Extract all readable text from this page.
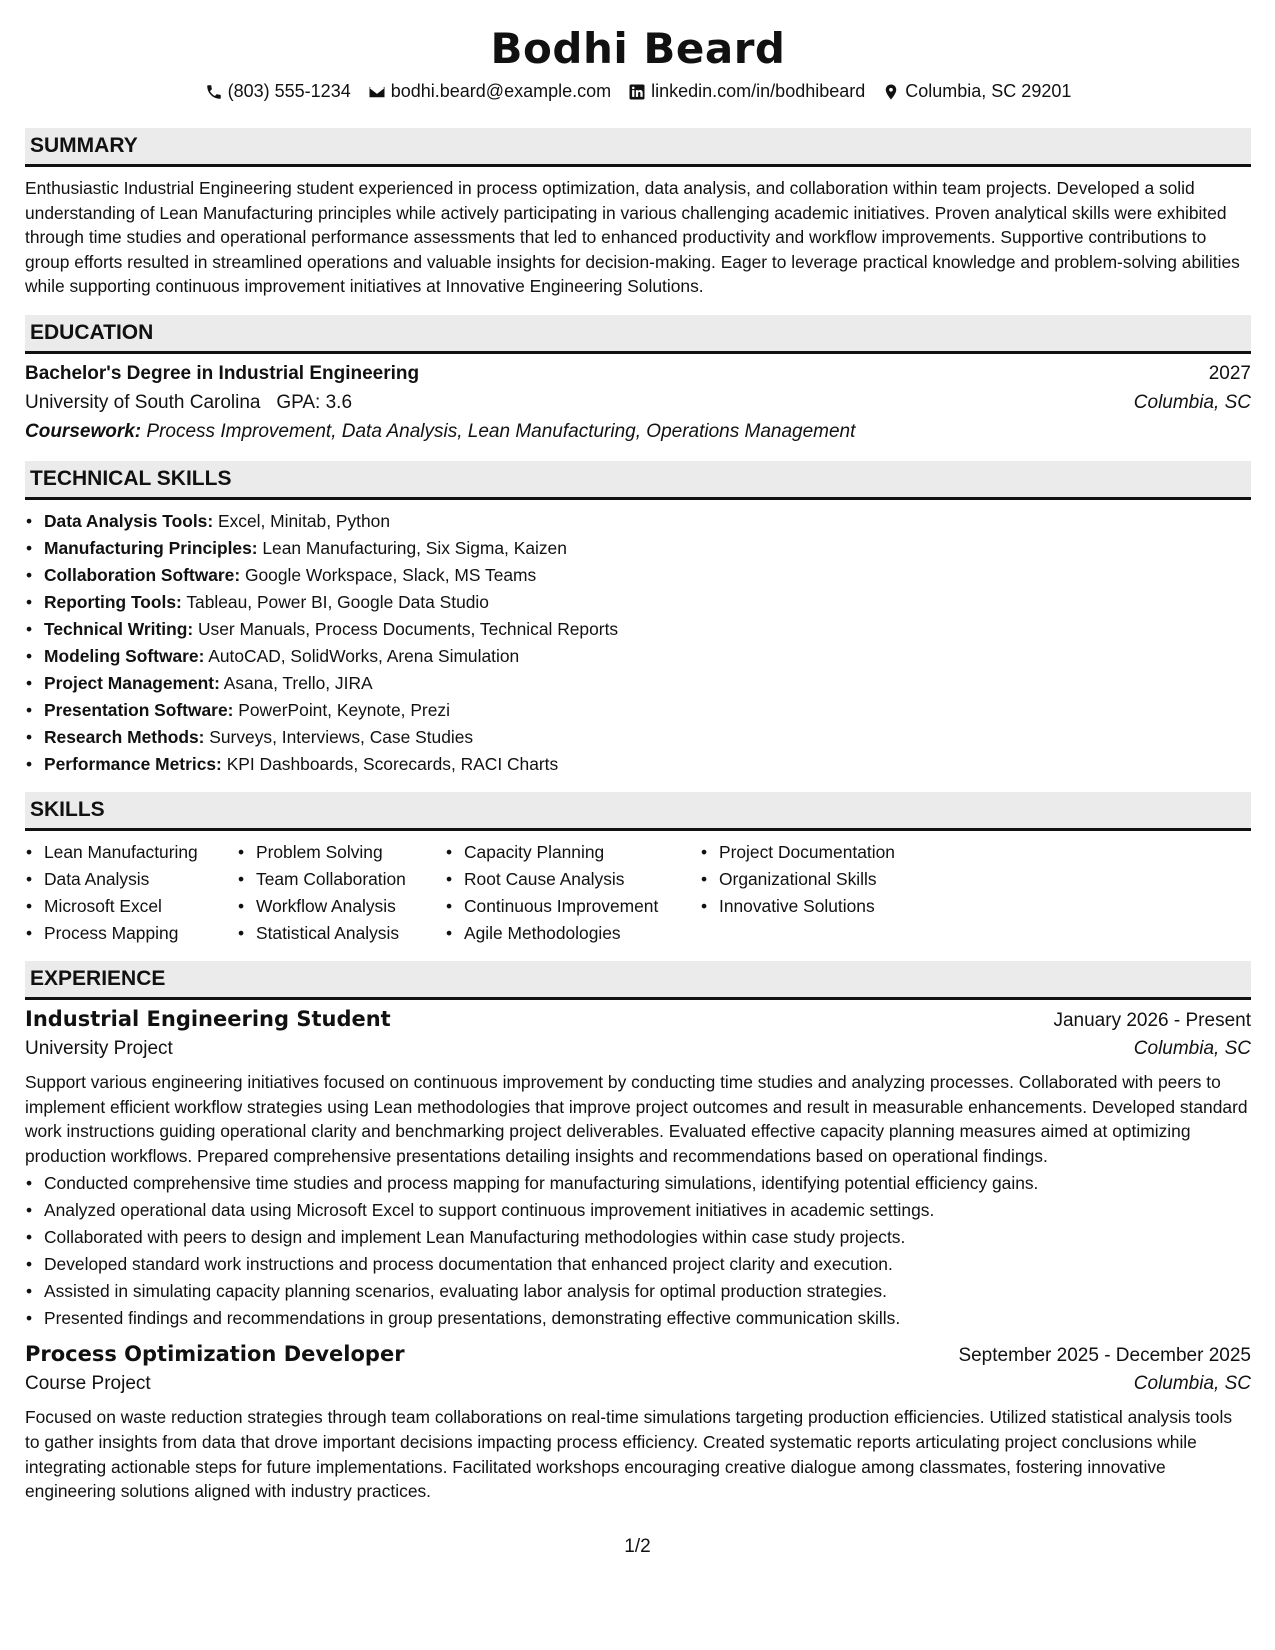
Bodhi Beard
(803) 555-1234 bodhi.beard@example.com linkedin.com/in/bodhibeard Columbia, SC 29201
SUMMARY

Enthusiastic Industrial Engineering student experienced in process optimization, data analysis, and collaboration within team projects. Developed a solid understanding of Lean Manufacturing principles while actively participating in various challenging academic initiatives. Proven analytical skills were exhibited through time studies and operational performance assessments that led to enhanced productivity and workflow improvements. Supportive contributions to group efforts resulted in streamlined operations and valuable insights for decision-making. Eager to leverage practical knowledge and problem-solving abilities while supporting continuous improvement initiatives at Innovative Engineering Solutions.

EDUCATION
Bachelor's Degree in Industrial Engineering	2027
University of South Carolina GPA: 3.6	Columbia, SC
Coursework: Process Improvement, Data Analysis, Lean Manufacturing, Operations Management
TECHNICAL SKILLS
• Data Analysis Tools: Excel, Minitab, Python
• Manufacturing Principles: Lean Manufacturing, Six Sigma, Kaizen
• Collaboration Software: Google Workspace, Slack, MS Teams
• Reporting Tools: Tableau, Power BI, Google Data Studio
• Technical Writing: User Manuals, Process Documents, Technical Reports
• Modeling Software: AutoCAD, SolidWorks, Arena Simulation
• Project Management: Asana, Trello, JIRA
• Presentation Software: PowerPoint, Keynote, Prezi
• Research Methods: Surveys, Interviews, Case Studies
• Performance Metrics: KPI Dashboards, Scorecards, RACI Charts
SKILLS
• Lean Manufacturing
• Data Analysis
• Microsoft Excel
• Process Mapping
• Problem Solving
• Team Collaboration
• Workflow Analysis
• Statistical Analysis
• Capacity Planning
• Root Cause Analysis
• Continuous Improvement
• Agile Methodologies
• Project Documentation
• Organizational Skills
• Innovative Solutions
EXPERIENCE
Industrial Engineering Student	January 2026 - Present
University Project	Columbia, SC

Support various engineering initiatives focused on continuous improvement by conducting time studies and analyzing processes. Collaborated with peers to implement efficient workflow strategies using Lean methodologies that improve project outcomes and result in measurable enhancements. Developed standard work instructions guiding operational clarity and benchmarking project deliverables. Evaluated effective capacity planning measures aimed at optimizing production workflows. Prepared comprehensive presentations detailing insights and recommendations based on operational findings.

• Conducted comprehensive time studies and process mapping for manufacturing simulations, identifying potential efficiency gains.
• Analyzed operational data using Microsoft Excel to support continuous improvement initiatives in academic settings.
• Collaborated with peers to design and implement Lean Manufacturing methodologies within case study projects.
• Developed standard work instructions and process documentation that enhanced project clarity and execution.
• Assisted in simulating capacity planning scenarios, evaluating labor analysis for optimal production strategies.
• Presented findings and recommendations in group presentations, demonstrating effective communication skills.
Process Optimization Developer	September 2025 - December 2025
Course Project	Columbia, SC

Focused on waste reduction strategies through team collaborations on real-time simulations targeting production efficiencies. Utilized statistical analysis tools to gather insights from data that drove important decisions impacting process efficiency. Created systematic reports articulating project conclusions while integrating actionable steps for future implementations. Facilitated workshops encouraging creative dialogue among classmates, fostering innovative engineering solutions aligned with industry practices.

1/2
